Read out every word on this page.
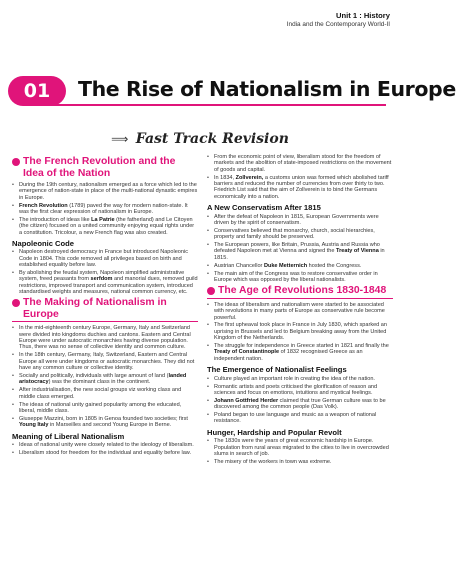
Unit 1 : History
India and the Contemporary World-II
01	The Rise of Nationalism in Europe
⟹ Fast Track Revision
The French Revolution and the Idea of the Nation
• During the 19th century, nationalism emerged as a force which led to the emergence of nation-state in place of the multi-national dynastic empires in Europe.
• French Revolution (1789) paved the way for modern nation-state. It was the first clear expression of nationalism in Europe.
• The introduction of ideas like La Patrie (the fatherland) and Le Citoyen (the citizen) focused on a united community enjoying equal rights under a constitution. Tricolour, a new French flag was also created.
Napoleonic Code
• Napoleon destroyed democracy in France but introduced Napoleonic Code in 1804. This code removed all privileges based on birth and established equality before law.
• By abolishing the feudal system, Napoleon simplified administrative system, freed peasants from serfdom and manorial dues, removed guild restrictions, improved transport and communication system, introduced standardised weights and measures, national common currency, etc.
The Making of Nationalism in Europe
• In the mid-eighteenth century Europe, Germany, Italy and Switzerland were divided into kingdoms duchies and cantons. Eastern and Central Europe were under autocratic monarchies having diverse population. Thus, there was no sense of collective identity and common culture.
• In the 18th century, Germany, Italy, Switzerland, Eastern and Central Europe all were under kingdoms or autocratic monarchies. They did not have any common culture or collective identity.
• Socially and politically, individuals with large amount of land (landed aristocracy) was the dominant class in the continent.
• After industrialisation, the new social groups viz working class and middle class emerged.
• The ideas of national unity gained popularity among the educated, liberal, middle class.
• Giuseppe Mazzini, born in 1805 in Genoa founded two societies; first Young Italy in Marseilles and second Young Europe in Berne.
Meaning of Liberal Nationalism
• Ideas of national unity were closely related to the ideology of liberalism.
• Liberalism stood for freedom for the individual and equality before law.
• From the economic point of view, liberalism stood for the freedom of markets and the abolition of state-imposed restrictions on the movement of goods and capital.
• In 1834, Zollverein, a customs union was formed which abolished tariff barriers and reduced the number of currencies from over thirty to two. Friedrich List said that the aim of Zollverein is to bind the Germans economically into a nation.
A New Conservatism After 1815
• After the defeat of Napoleon in 1815, European Governments were driven by the spirit of conservatism.
• Conservatives believed that monarchy, church, social hierarchies, property and family should be preserved.
• The European powers, like Britain, Prussia, Austria and Russia who defeated Napoleon met at Vienna and signed the Treaty of Vienna in 1815.
• Austrian Chancellor Duke Metternich hosted the Congress.
• The main aim of the Congress was to restore conservative order in Europe which was opposed by the liberal nationalists.
The Age of Revolutions 1830-1848
• The ideas of liberalism and nationalism were started to be associated with revolutions in many parts of Europe as conservative rule become powerful.
• The first upheaval took place in France in July 1830, which sparked an uprising in Brussels and led to Belgium breaking away from the United Kingdom of the Netherlands.
• The struggle for independence in Greece started in 1821 and finally the Treaty of Constantinople of 1832 recognised Greece as an independent nation.
The Emergence of Nationalist Feelings
• Culture played an important role in creating the idea of the nation.
• Romantic artists and poets criticised the glorification of reason and sciences and focus on emotions, intuitions and mystical feelings.
• Johann Gottfried Herder claimed that true German culture was to be discovered among the common people (Das Volk).
• Poland began to use language and music as a weapon of national resistance.
Hunger, Hardship and Popular Revolt
• The 1830s were the years of great economic hardship in Europe. Population from rural areas migrated to the cities to live in overcrowded slums in search of job.
• The misery of the workers in town was extreme.
